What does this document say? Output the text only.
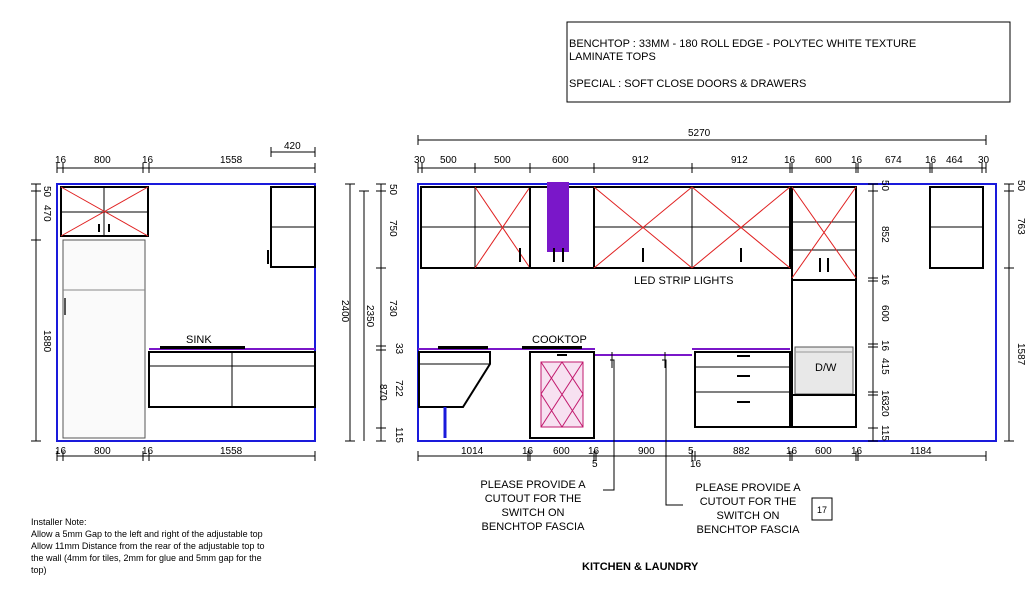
BENCHTOP : 33MM - 180 ROLL EDGE - POLYTEC WHITE TEXTURE
LAMINATE TOPS
SPECIAL : SOFT CLOSE DOORS & DRAWERS
16	800	16	1558
420
SINK
50
470
1880
16	800	16	1558
2400 2350
50
750
730
33
722
870
115
5270
30 500	500	600	912	912	16 600 16 674 16 464 30
D/W
LED STRIP LIGHTS
COOKTOP
50
852
16
600
16
415
16
320
115
50
763
1587
1014	16 600 16
5
900	5
16
882	16 600 16	1184
PLEASE PROVIDE A
CUTOUT FOR THE
SWITCH ON
BENCHTOP FASCIA
PLEASE PROVIDE A
CUTOUT FOR THE
SWITCH ON
BENCHTOP FASCIA
17
Installer Note:
Allow a 5mm Gap to the left and right of the adjustable top
Allow 11mm Distance from the rear of the adjustable top to
the wall (4mm for tiles, 2mm for glue and 5mm gap for the
top)	KITCHEN & LAUNDRY
